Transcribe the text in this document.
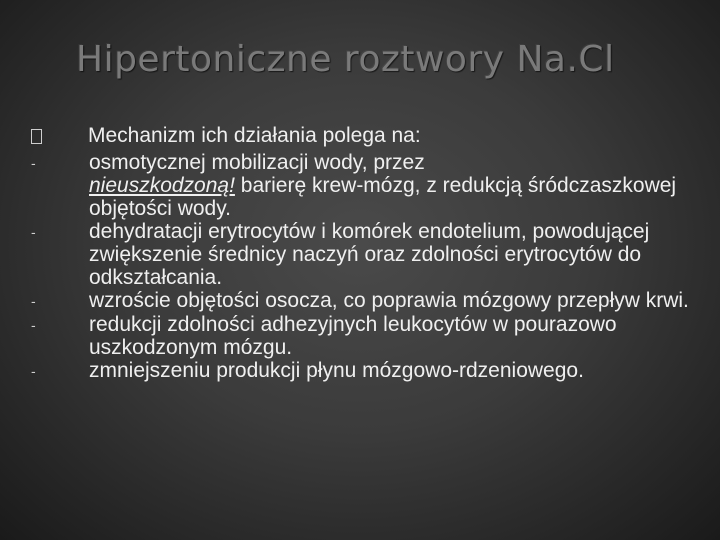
Hipertoniczne roztwory Na.Cl
Mechanizm ich działania polega na:
-	osmotycznej mobilizacji wody, przez
nieuszkodzoną! barierę krew-mózg, z redukcją śródczaszkowej objętości wody.
-	dehydratacji erytrocytów i komórek endotelium, powodującej zwiększenie średnicy naczyń oraz zdolności erytrocytów do odkształcania.
-	wzroście objętości osocza, co poprawia mózgowy przepływ krwi.
-	redukcji zdolności adhezyjnych leukocytów w pourazowo uszkodzonym mózgu.
-	zmniejszeniu produkcji płynu mózgowo-rdzeniowego.
